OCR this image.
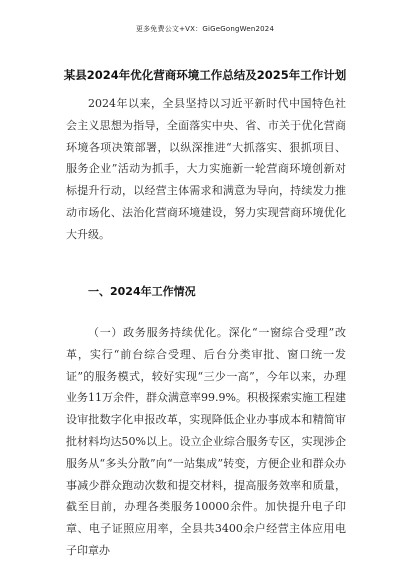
更多免费公文+VX：GiGeGongWen2024
某县2024年优化营商环境工作总结及2025年工作计划

2024年以来，全县坚持以习近平新时代中国特色社会主义思想为指导，全面落实中央、省、市关于优化营商环境各项决策部署，以纵深推进“大抓落实、狠抓项目、服务企业”活动为抓手，大力实施新一轮营商环境创新对标提升行动，以经营主体需求和满意为导向，持续发力推动市场化、法治化营商环境建设，努力实现营商环境优化大升级。

一、2024年工作情况

（一）政务服务持续优化。深化“一窗综合受理”改革，实行“前台综合受理、后台分类审批、窗口统一发证”的服务模式，较好实现“三少一高”，今年以来，办理业务11万余件，群众满意率99.9%。积极探索实施工程建设审批数字化申报改革，实现降低企业办事成本和精简审批材料均达50%以上。设立企业综合服务专区，实现涉企服务从“多头分散”向“一站集成”转变，方便企业和群众办事减少群众跑动次数和提交材料，提高服务效率和质量，截至目前，办理各类服务10000余件。加快提升电子印章、电子证照应用率，全县共3400余户经营主体应用电子印章办
